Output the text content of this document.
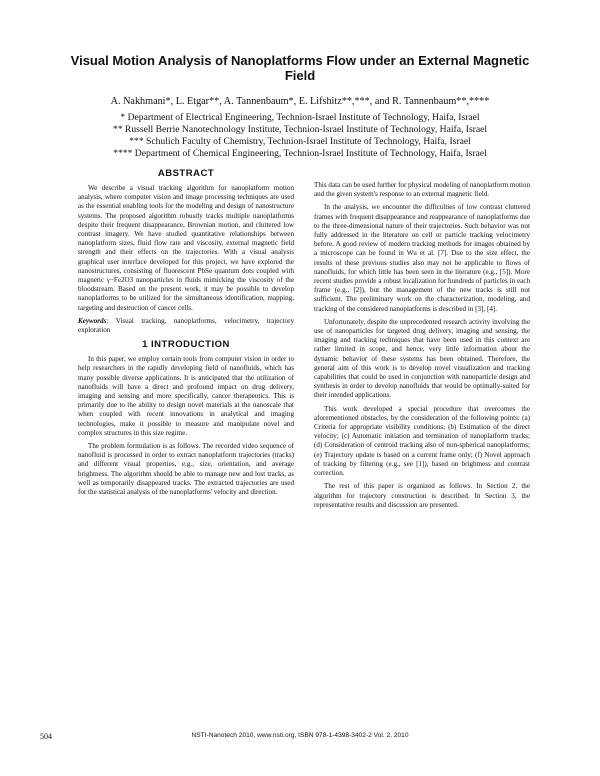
Visual Motion Analysis of Nanoplatforms Flow under an External Magnetic Field
A. Nakhmani*, L. Etgar**, A. Tannenbaum*, E. Lifshitz**,***, and R. Tannenbaum**,****
* Department of Electrical Engineering, Technion-Israel Institute of Technology, Haifa, Israel
** Russell Berrie Nanotechnology Institute, Technion-Israel Institute of Technology, Haifa, Israel
*** Schulich Faculty of Chemistry, Technion-Israel Institute of Technology, Haifa, Israel
**** Department of Chemical Engineering, Technion-Israel Institute of Technology, Haifa, Israel
ABSTRACT

We describe a visual tracking algorithm for nanoplatform motion analysis, where computer vision and image processing techniques are used as the essential enabling tools for the modeling and design of nanostructure systems. The proposed algorithm robustly tracks multiple nanoplatforms despite their frequent disappearance, Brownian motion, and cluttered low contrast imagery. We have studied quantitative relationships between nanoplatform sizes, fluid flow rate and viscosity, external magnetic field strength and their effects on the trajectories. With a visual analysis graphical user interface developed for this project, we have explored the nanostructures, consisting of fluorescent PbSe quantum dots coupled with magnetic γ−Fe2O3 nanoparticles in fluids mimicking the viscosity of the bloodstream. Based on the present work, it may be possible to develop nanoplatforms to be utilized for the simultaneous identification, mapping, targeting and destruction of cancer cells.

Keywords: Visual tracking, nanoplatforms, velocimetry, trajectory exploration

1 INTRODUCTION

In this paper, we employ certain tools from computer vision in order to help researchers in the rapidly developing field of nanofluids, which has many possible diverse applications. It is anticipated that the utilization of nanofluids will have a direct and profound impact on drug delivery, imaging and sensing and more specifically, cancer therapeutics. This is primarily due to the ability to design novel materials at the nanoscale that when coupled with recent innovations in analytical and imaging technologies, make it possible to measure and manipulate novel and complex structures in this size regime.

The problem formulation is as follows. The recorded video sequence of nanofluid is processed in order to extract nanoplatform trajectories (tracks) and different visual properties, e.g., size, orientation, and average brightness. The algorithm should be able to manage new and lost tracks, as well as temporarily disappeared tracks. The extracted trajectories are used for the statistical analysis of the nanoplatforms' velocity and direction.

This data can be used further for physical modeling of nanoplatform motion and the given system's response to an external magnetic field.

In the analysis, we encounter the difficulties of low contrast cluttered frames with frequent disappearance and reappearance of nanoplatforms due to the three-dimensional nature of their trajectories. Such behavior was not fully addressed in the literature on cell or particle tracking velocimetry before. A good review of modern tracking methods for images obtained by a microscope can be found in Wu et al. [7]. Due to the size effect, the results of these previous studies also may not be applicable to flows of nanofluids, for which little has been seen in the literature (e.g., [5]). More recent studies provide a robust localization for hundreds of particles in each frame (e.g., [2]), but the management of the new tracks is still not sufficient. The preliminary work on the characterization, modeling, and tracking of the considered nanoplatforms is described in [3], [4].

Unfortunately, despite the unprecedented research activity involving the use of nanoparticles for targeted drug delivery, imaging and sensing, the imaging and tracking techniques that have been used in this context are rather limited in scope, and hence, very little information about the dynamic behavior of these systems has been obtained. Therefore, the general aim of this work is to develop novel visualization and tracking capabilities that could be used in conjunction with nanoparticle design and synthesis in order to develop nanofluids that would be optimally-suited for their intended applications.

This work developed a special procedure that overcomes the aforementioned obstacles, by the consideration of the following points: (a) Criteria for appropriate visibility conditions; (b) Estimation of the direct velocity; (c) Automatic initiation and termination of nanoplatform tracks; (d) Consideration of centroid tracking also of non-spherical nanoplatforms; (e) Trajectory update is based on a current frame only; (f) Novel approach of tracking by filtering (e.g., see [1]), based on brightness and contrast correction.

The rest of this paper is organized as follows. In Section 2, the algorithm for trajectory construction is described. In Section 3, the representative results and discussion are presented.

504	NSTI-Nanotech 2010, www.nsti.org, ISBN 978-1-4398-3402-2 Vol. 2, 2010
